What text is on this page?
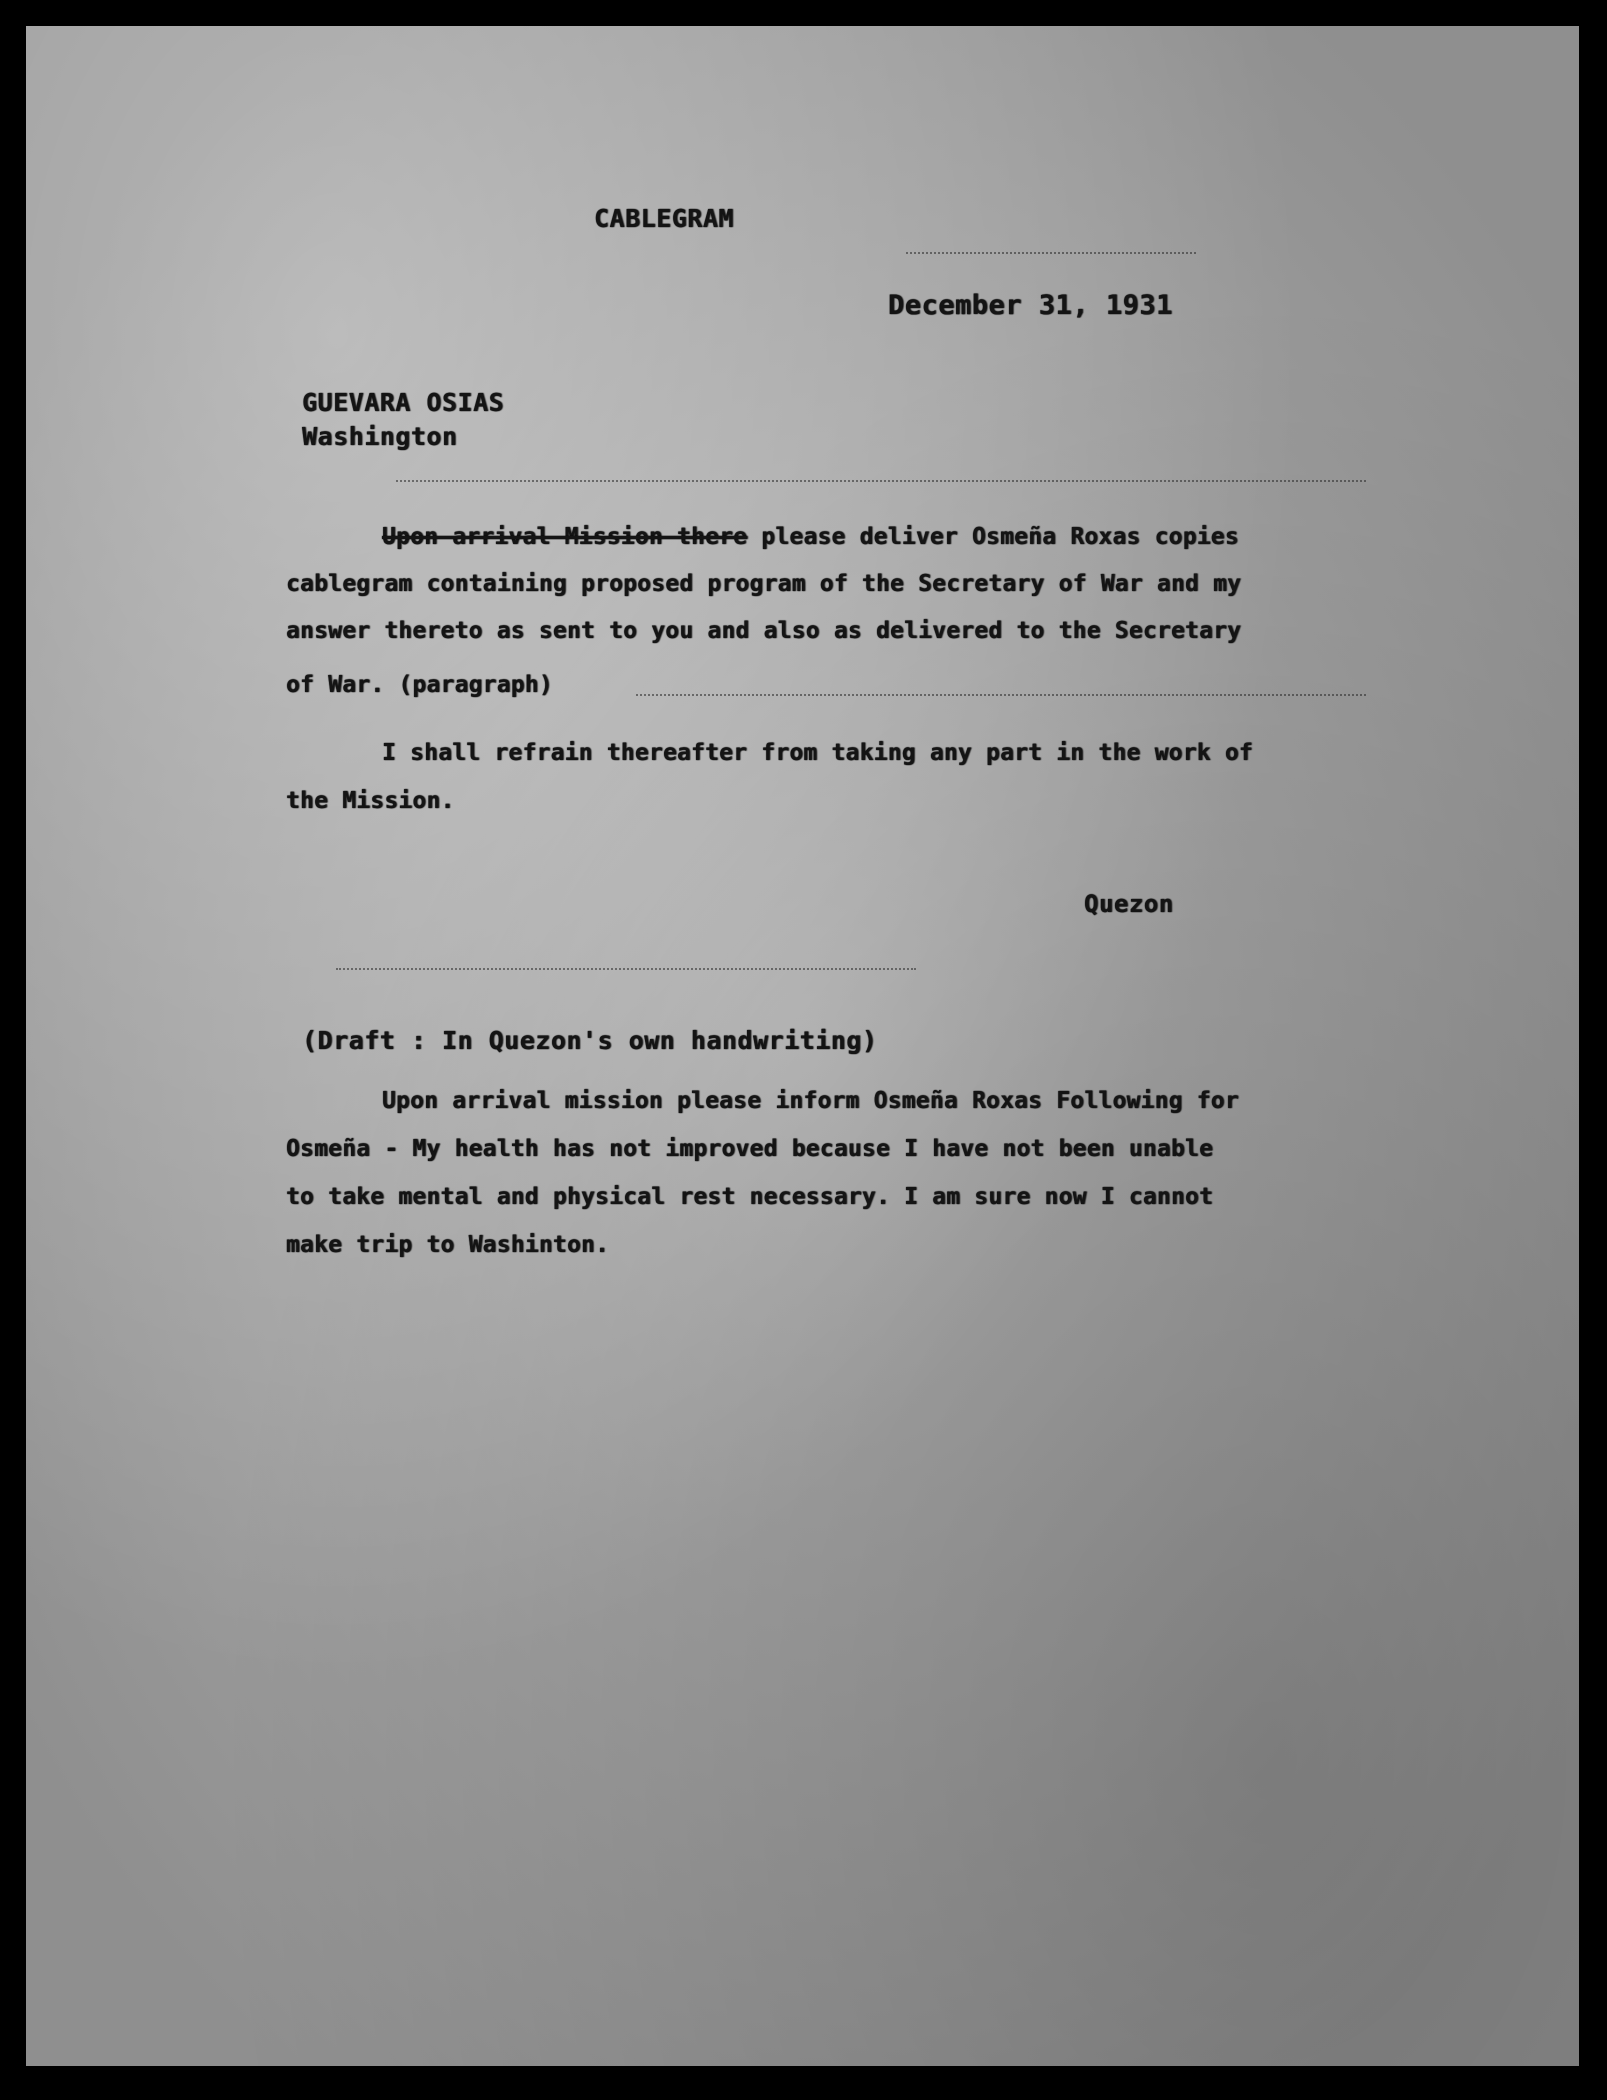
CABLEGRAM
December 31, 1931
GUEVARA OSIAS
Washington
Upon arrival Mission there please deliver Osmeña Roxas copies
cablegram containing proposed program of the Secretary of War and my
answer thereto as sent to you and also as delivered to the Secretary
of War. (paragraph)
I shall refrain thereafter from taking any part in the work of
the Mission.
Quezon
(Draft : In Quezon's own handwriting)
Upon arrival mission please inform Osmeña Roxas Following for
Osmeña - My health has not improved because I have not been unable
to take mental and physical rest necessary. I am sure now I cannot
make trip to Washinton.
